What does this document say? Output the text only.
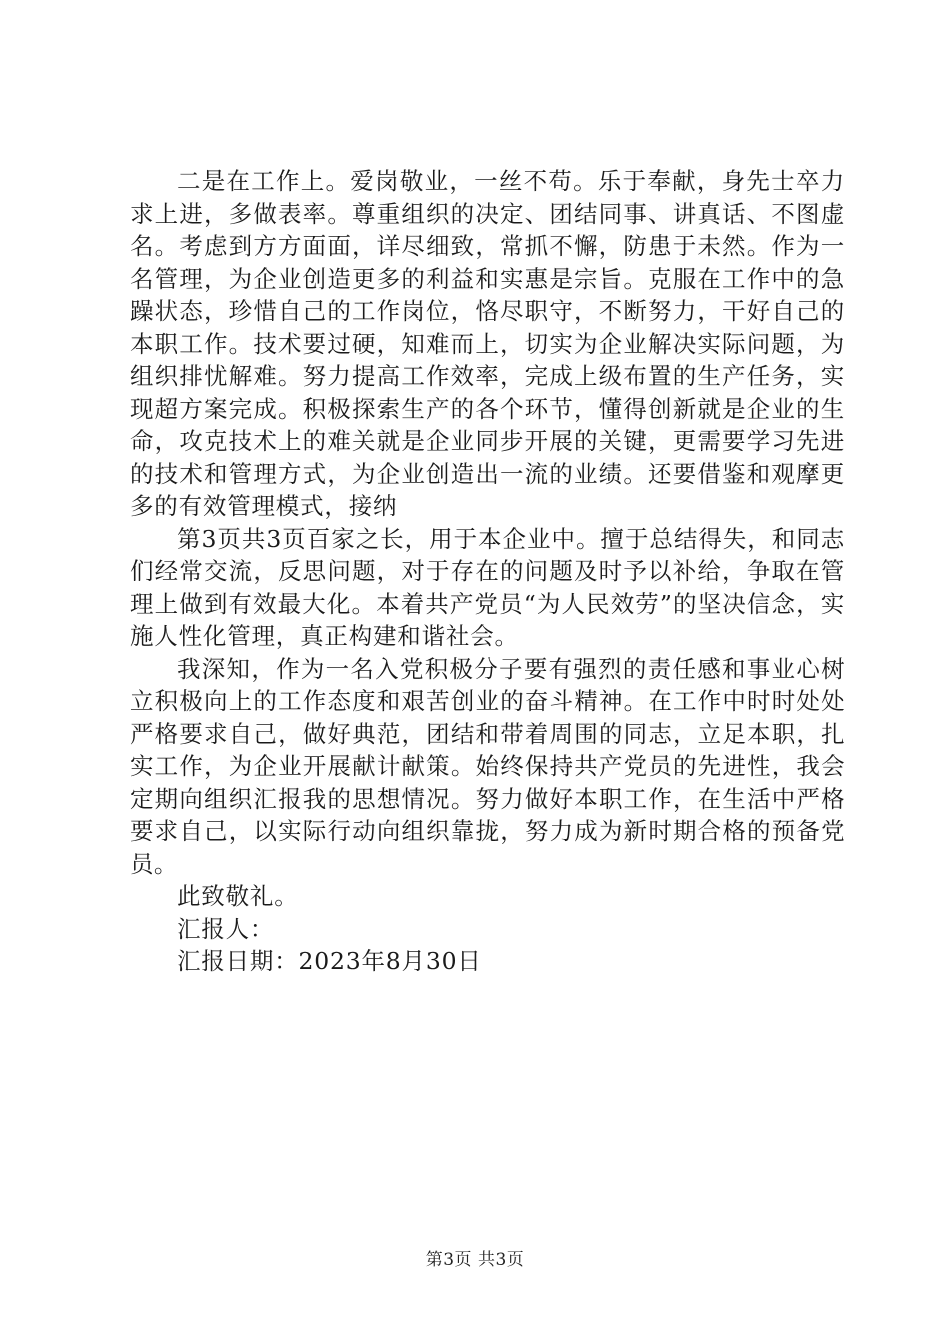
二是在工作上。爱岗敬业，一丝不苟。乐于奉献，身先士卒力求上进，多做表率。尊重组织的决定、团结同事、讲真话、不图虚名。考虑到方方面面，详尽细致，常抓不懈，防患于未然。作为一名管理，为企业创造更多的利益和实惠是宗旨。克服在工作中的急躁状态，珍惜自己的工作岗位，恪尽职守，不断努力，干好自己的本职工作。技术要过硬，知难而上，切实为企业解决实际问题，为组织排忧解难。努力提高工作效率，完成上级布置的生产任务，实现超方案完成。积极探索生产的各个环节，懂得创新就是企业的生命，攻克技术上的难关就是企业同步开展的关键，更需要学习先进的技术和管理方式，为企业创造出一流的业绩。还要借鉴和观摩更多的有效管理模式，接纳

第3页共3页百家之长，用于本企业中。擅于总结得失，和同志们经常交流，反思问题，对于存在的问题及时予以补给，争取在管理上做到有效最大化。本着共产党员“为人民效劳”的坚决信念，实施人性化管理，真正构建和谐社会。

我深知，作为一名入党积极分子要有强烈的责任感和事业心树立积极向上的工作态度和艰苦创业的奋斗精神。在工作中时时处处严格要求自己，做好典范，团结和带着周围的同志，立足本职，扎实工作，为企业开展献计献策。始终保持共产党员的先进性，我会定期向组织汇报我的思想情况。努力做好本职工作，在生活中严格要求自己，以实际行动向组织靠拢，努力成为新时期合格的预备党员。

此致敬礼。

汇报人：

汇报日期：2023年8月30日

第3页 共3页
